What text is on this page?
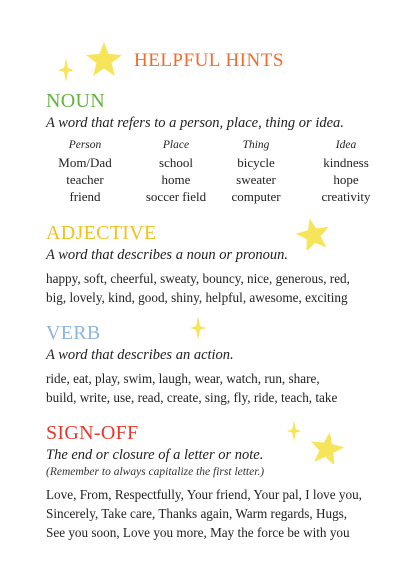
HELPFUL HINTS
NOUN
A word that refers to a person, place, thing or idea.
Person
Mom/Dad
teacher
friend
Place
school
home
soccer field
Thing
bicycle
sweater
computer
Idea
kindness
hope
creativity
ADJECTIVE
A word that describes a noun or pronoun.
happy, soft, cheerful, sweaty, bouncy, nice, generous, red,
big, lovely, kind, good, shiny, helpful, awesome, exciting
VERB
A word that describes an action.
ride, eat, play, swim, laugh, wear, watch, run, share,
build, write, use, read, create, sing, fly, ride, teach, take
SIGN-OFF
The end or closure of a letter or note.
(Remember to always capitalize the first letter.)
Love, From, Respectfully, Your friend, Your pal, I love you,
Sincerely, Take care, Thanks again, Warm regards, Hugs,
See you soon, Love you more, May the force be with you
